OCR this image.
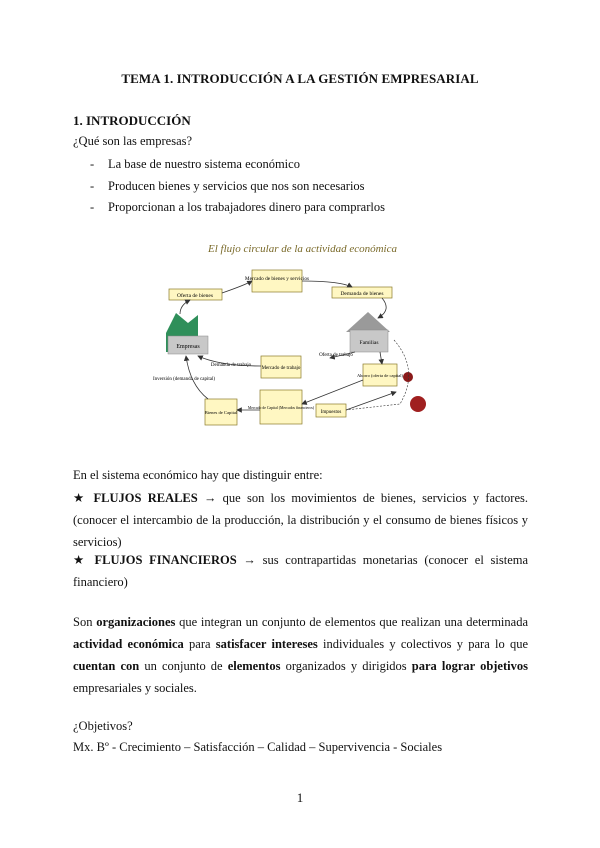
TEMA 1. INTRODUCCIÓN A LA GESTIÓN EMPRESARIAL
1. INTRODUCCIÓN
¿Qué son las empresas?
- La base de nuestro sistema económico
- Producen bienes y servicios que nos son necesarios
- Proporcionan a los trabajadores dinero para comprarlos
El flujo circular de la actividad económica
Mercado de bienes y servicios
Oferta de bienes	Demanda de bienes
Empresas
Familias
Demanda de trabajo
Mercado de trabajo
Oferta de trabajo
Ahorro (oferta de capital)
Inversión (demanda de capital)
Bienes de Capital
Mercado de Capital (Mercados financieros)
Impuestos
En el sistema económico hay que distinguir entre:
★ FLUJOS REALES → que son los movimientos de bienes, servicios y factores. (conocer el intercambio de la producción, la distribución y el consumo de bienes físicos y servicios)
★ FLUJOS FINANCIEROS → sus contrapartidas monetarias (conocer el sistema financiero)
Son organizaciones que integran un conjunto de elementos que realizan una determinada actividad económica para satisfacer intereses individuales y colectivos y para lo que cuentan con un conjunto de elementos organizados y dirigidos para lograr objetivos empresariales y sociales.
¿Objetivos?
Mx. Bº - Crecimiento – Satisfacción – Calidad – Supervivencia - Sociales
1
